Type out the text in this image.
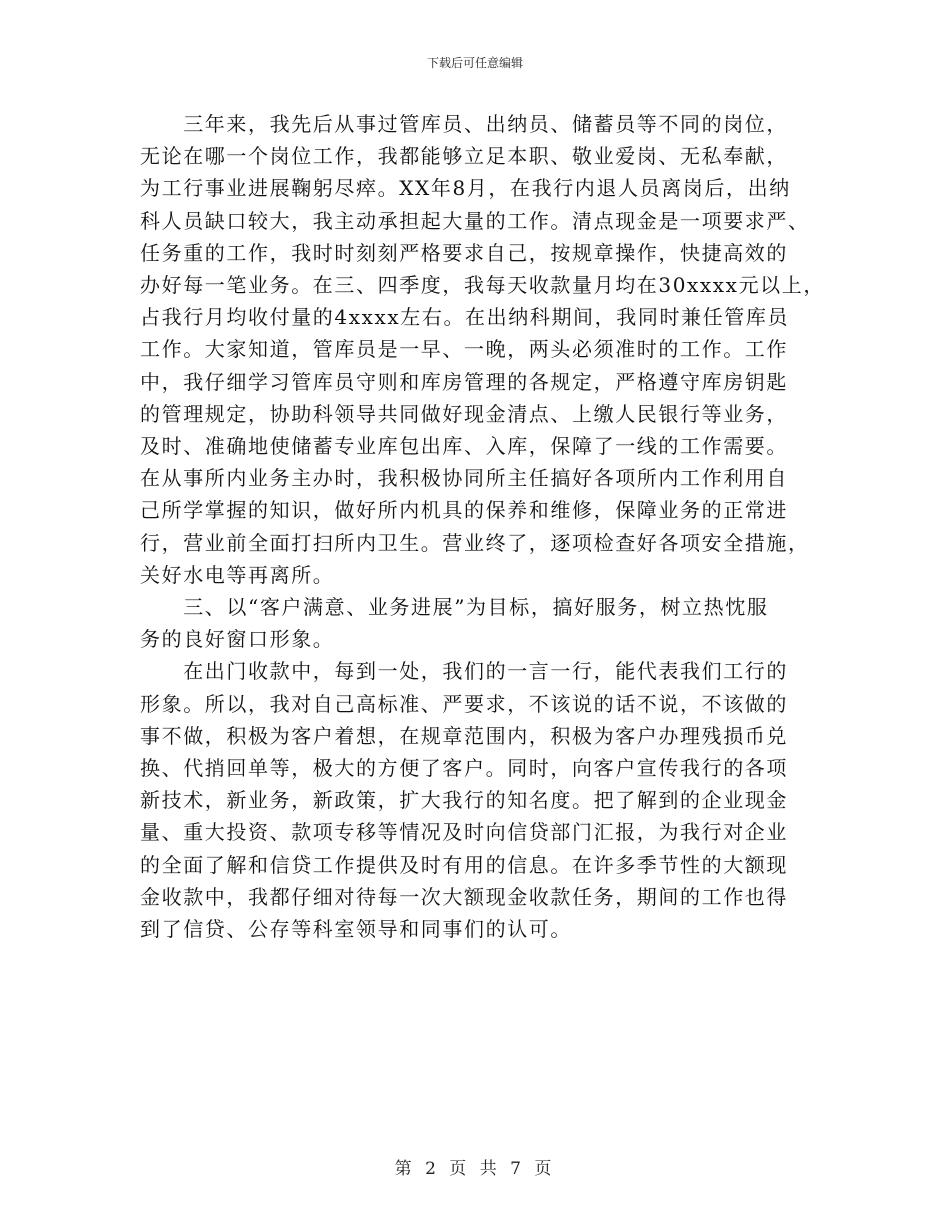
下载后可任意编辑
　　三年来，我先后从事过管库员、出纳员、储蓄员等不同的岗位，
无论在哪一个岗位工作，我都能够立足本职、敬业爱岗、无私奉献，
为工行事业进展鞠躬尽瘁。XX年8月，在我行内退人员离岗后，出纳
科人员缺口较大，我主动承担起大量的工作。清点现金是一项要求严、
任务重的工作，我时时刻刻严格要求自己，按规章操作，快捷高效的
办好每一笔业务。在三、四季度，我每天收款量月均在30xxxx元以上，
占我行月均收付量的4xxxx左右。在出纳科期间，我同时兼任管库员
工作。大家知道，管库员是一早、一晚，两头必须准时的工作。工作
中，我仔细学习管库员守则和库房管理的各规定，严格遵守库房钥匙
的管理规定，协助科领导共同做好现金清点、上缴人民银行等业务，
及时、准确地使储蓄专业库包出库、入库，保障了一线的工作需要。
在从事所内业务主办时，我积极协同所主任搞好各项所内工作利用自
己所学掌握的知识，做好所内机具的保养和维修，保障业务的正常进
行，营业前全面打扫所内卫生。营业终了，逐项检查好各项安全措施，
关好水电等再离所。
　　三、以“客户满意、业务进展”为目标，搞好服务，树立热忱服
务的良好窗口形象。
　　在出门收款中，每到一处，我们的一言一行，能代表我们工行的
形象。所以，我对自己高标准、严要求，不该说的话不说，不该做的
事不做，积极为客户着想，在规章范围内，积极为客户办理残损币兑
换、代捎回单等，极大的方便了客户。同时，向客户宣传我行的各项
新技术，新业务，新政策，扩大我行的知名度。把了解到的企业现金
量、重大投资、款项专移等情况及时向信贷部门汇报，为我行对企业
的全面了解和信贷工作提供及时有用的信息。在许多季节性的大额现
金收款中，我都仔细对待每一次大额现金收款任务，期间的工作也得
到了信贷、公存等科室领导和同事们的认可。
第 2 页 共 7 页
